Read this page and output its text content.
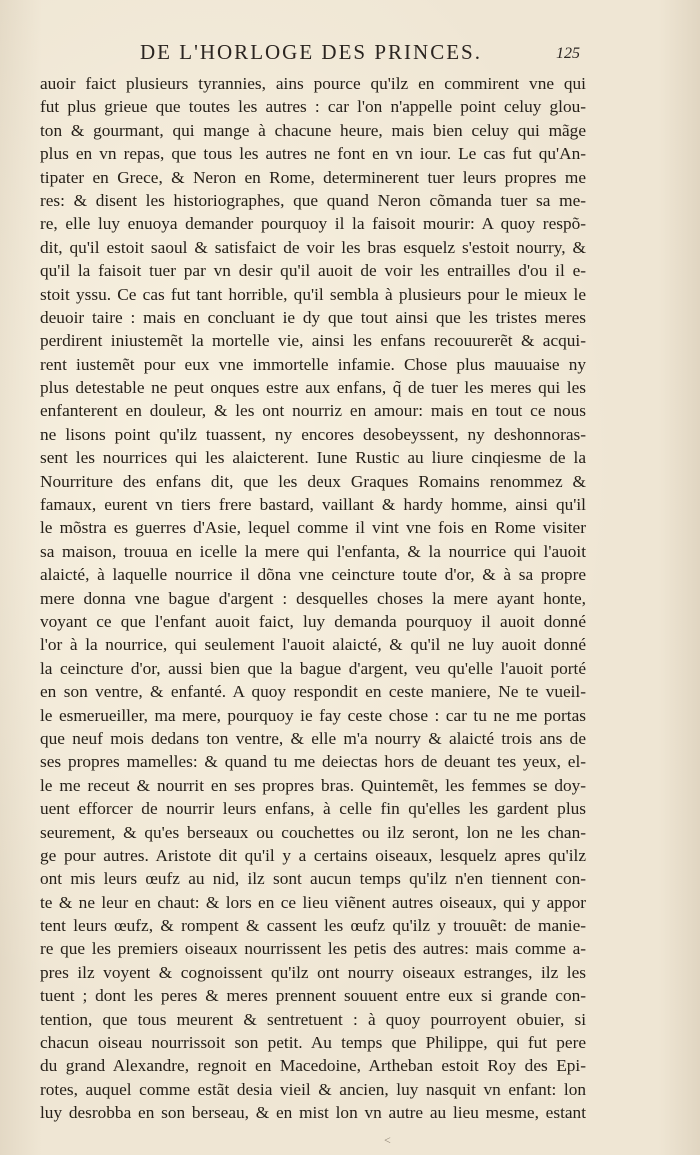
DE L'HORLOGE DES PRINCES.	125
auoir faict plusieurs tyrannies, ains pource qu'ilz en commirent vne qui
fut plus grieue que toutes les autres : car l'on n'appelle point celuy glou-
ton & gourmant, qui mange à chacune heure, mais bien celuy qui mãge
plus en vn repas, que tous les autres ne font en vn iour. Le cas fut qu'An-
tipater en Grece, & Neron en Rome, determinerent tuer leurs propres me
res: & disent les historiographes, que quand Neron cõmanda tuer sa me-
re, elle luy enuoya demander pourquoy il la faisoit mourir: A quoy respõ-
dit, qu'il estoit saoul & satisfaict de voir les bras esquelz s'estoit nourry, &
qu'il la faisoit tuer par vn desir qu'il auoit de voir les entrailles d'ou il e-
stoit yssu. Ce cas fut tant horrible, qu'il sembla à plusieurs pour le mieux le
deuoir taire : mais en concluant ie dy que tout ainsi que les tristes meres
perdirent iniustemẽt la mortelle vie, ainsi les enfans recouurerẽt & acqui-
rent iustemẽt pour eux vne immortelle infamie. Chose plus mauuaise ny
plus detestable ne peut onques estre aux enfans, q̃ de tuer les meres qui les
enfanterent en douleur, & les ont nourriz en amour: mais en tout ce nous
ne lisons point qu'ilz tuassent, ny encores desobeyssent, ny deshonnoras-
sent les nourrices qui les alaicterent. Iune Rustic au liure cinqiesme de la
Nourriture des enfans dit, que les deux Graques Romains renommez &
famaux, eurent vn tiers frere bastard, vaillant & hardy homme, ainsi qu'il
le mõstra es guerres d'Asie, lequel comme il vint vne fois en Rome visiter
sa maison, trouua en icelle la mere qui l'enfanta, & la nourrice qui l'auoit
alaicté, à laquelle nourrice il dõna vne ceincture toute d'or, & à sa propre
mere donna vne bague d'argent : desquelles choses la mere ayant honte,
voyant ce que l'enfant auoit faict, luy demanda pourquoy il auoit donné
l'or à la nourrice, qui seulement l'auoit alaicté, & qu'il ne luy auoit donné
la ceincture d'or, aussi bien que la bague d'argent, veu qu'elle l'auoit porté
en son ventre, & enfanté. A quoy respondit en ceste maniere, Ne te vueil-
le esmerueiller, ma mere, pourquoy ie fay ceste chose : car tu ne me portas
que neuf mois dedans ton ventre, & elle m'a nourry & alaicté trois ans de
ses propres mamelles: & quand tu me deiectas hors de deuant tes yeux, el-
le me receut & nourrit en ses propres bras. Quintemẽt, les femmes se doy-
uent efforcer de nourrir leurs enfans, à celle fin qu'elles les gardent plus
seurement, & qu'es berseaux ou couchettes ou ilz seront, lon ne les chan-
ge pour autres. Aristote dit qu'il y a certains oiseaux, lesquelz apres qu'ilz
ont mis leurs œufz au nid, ilz sont aucun temps qu'ilz n'en tiennent con-
te & ne leur en chaut: & lors en ce lieu viẽnent autres oiseaux, qui y appor
tent leurs œufz, & rompent & cassent les œufz qu'ilz y trouuẽt: de manie-
re que les premiers oiseaux nourrissent les petis des autres: mais comme a-
pres ilz voyent & cognoissent qu'ilz ont nourry oiseaux estranges, ilz les
tuent ; dont les peres & meres prennent souuent entre eux si grande con-
tention, que tous meurent & sentretuent : à quoy pourroyent obuier, si
chacun oiseau nourrissoit son petit. Au temps que Philippe, qui fut pere
du grand Alexandre, regnoit en Macedoine, Artheban estoit Roy des Epi-
rotes, auquel comme estãt desia vieil & ancien, luy nasquit vn enfant: lon
luy desrobba en son berseau, & en mist lon vn autre au lieu mesme, estant
<
